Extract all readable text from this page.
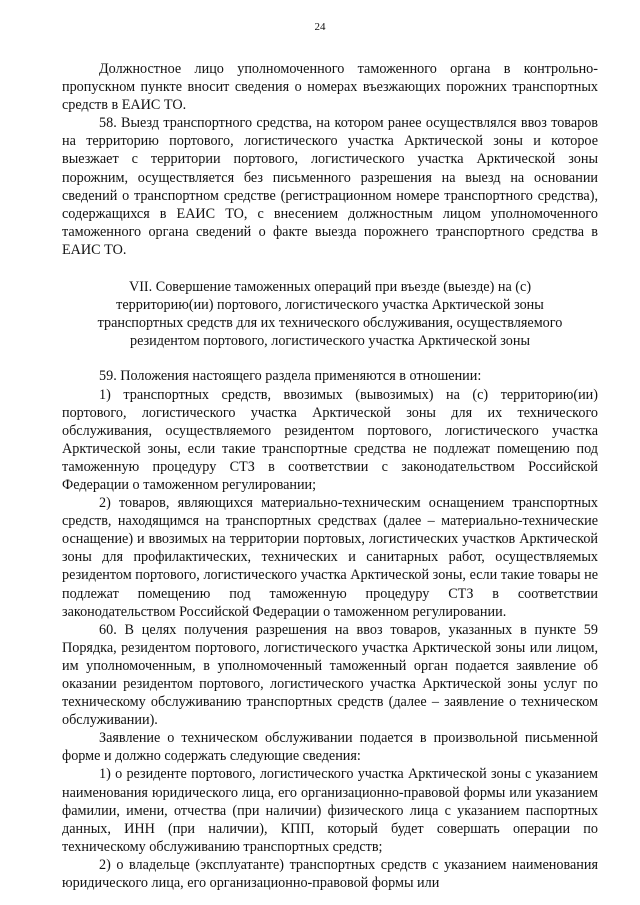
24

Должностное лицо уполномоченного таможенного органа в контрольно-пропускном пункте вносит сведения о номерах въезжающих порожних транспортных средств в ЕАИС ТО.

58. Выезд транспортного средства, на котором ранее осуществлялся ввоз товаров на территорию портового, логистического участка Арктической зоны и которое выезжает с территории портового, логистического участка Арктической зоны порожним, осуществляется без письменного разрешения на выезд на основании сведений о транспортном средстве (регистрационном номере транспортного средства), содержащихся в ЕАИС ТО, с внесением должностным лицом уполномоченного таможенного органа сведений о факте выезда порожнего транспортного средства в ЕАИС ТО.

VII. Совершение таможенных операций при въезде (выезде) на (с)
территорию(ии) портового, логистического участка Арктической зоны
транспортных средств для их технического обслуживания, осуществляемого
резидентом портового, логистического участка Арктической зоны

59. Положения настоящего раздела применяются в отношении:

1) транспортных средств, ввозимых (вывозимых) на (с) территорию(ии) портового, логистического участка Арктической зоны для их технического обслуживания, осуществляемого резидентом портового, логистического участка Арктической зоны, если такие транспортные средства не подлежат помещению под таможенную процедуру СТЗ в соответствии с законодательством Российской Федерации о таможенном регулировании;

2) товаров, являющихся материально-техническим оснащением транспортных средств, находящимся на транспортных средствах (далее – материально-технические оснащение) и ввозимых на территории портовых, логистических участков Арктической зоны для профилактических, технических и санитарных работ, осуществляемых резидентом портового, логистического участка Арктической зоны, если такие товары не подлежат помещению под таможенную процедуру СТЗ в соответствии законодательством Российской Федерации о таможенном регулировании.

60. В целях получения разрешения на ввоз товаров, указанных в пункте 59 Порядка, резидентом портового, логистического участка Арктической зоны или лицом, им уполномоченным, в уполномоченный таможенный орган подается заявление об оказании резидентом портового, логистического участка Арктической зоны услуг по техническому обслуживанию транспортных средств (далее – заявление о техническом обслуживании).

Заявление о техническом обслуживании подается в произвольной письменной форме и должно содержать следующие сведения:

1) о резиденте портового, логистического участка Арктической зоны с указанием наименования юридического лица, его организационно-правовой формы или указанием фамилии, имени, отчества (при наличии) физического лица с указанием паспортных данных, ИНН (при наличии), КПП, который будет совершать операции по техническому обслуживанию транспортных средств;

2) о владельце (эксплуатанте) транспортных средств с указанием наименования юридического лица, его организационно-правовой формы или
